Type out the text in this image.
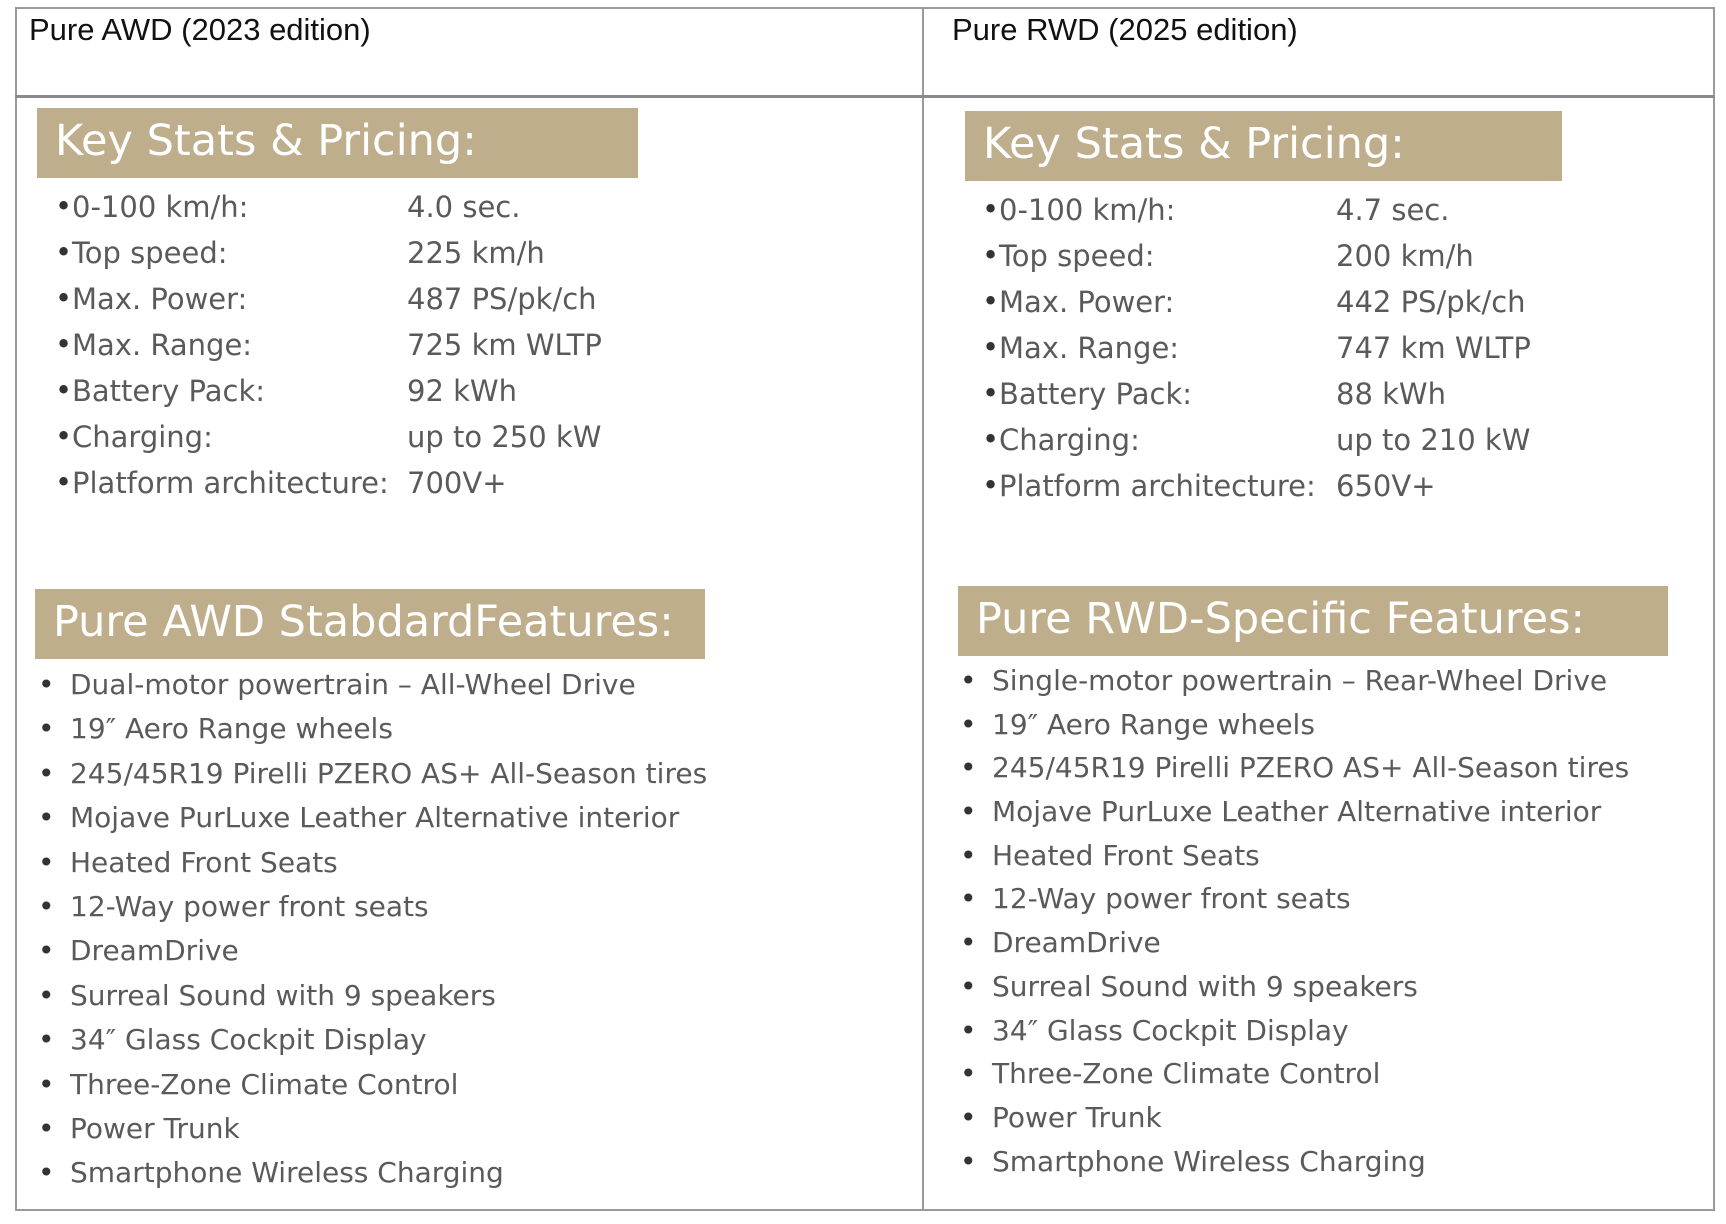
Pure AWD (2023 edition)
Key Stats & Pricing:
• 0-100 km/h:	4.0 sec.
• Top speed:	225 km/h
• Max. Power:	487 PS/pk/ch
• Max. Range:	725 km WLTP
• Battery Pack:	92 kWh
• Charging:	up to 250 kW
• Platform architecture: 700V+
Pure AWD StabdardFeatures:
• Dual-motor powertrain – All-Wheel Drive
• 19″ Aero Range wheels
• 245/45R19 Pirelli PZERO AS+ All-Season tires
• Mojave PurLuxe Leather Alternative interior
• Heated Front Seats
• 12-Way power front seats
• DreamDrive
• Surreal Sound with 9 speakers
• 34″ Glass Cockpit Display
• Three-Zone Climate Control
• Power Trunk
• Smartphone Wireless Charging
Pure RWD (2025 edition)
Key Stats & Pricing:
• 0-100 km/h:	4.7 sec.
• Top speed:	200 km/h
• Max. Power:	442 PS/pk/ch
• Max. Range:	747 km WLTP
• Battery Pack:	88 kWh
• Charging:	up to 210 kW
• Platform architecture: 650V+
Pure RWD-Specific Features:
• Single-motor powertrain – Rear-Wheel Drive
• 19″ Aero Range wheels
• 245/45R19 Pirelli PZERO AS+ All-Season tires
• Mojave PurLuxe Leather Alternative interior
• Heated Front Seats
• 12-Way power front seats
• DreamDrive
• Surreal Sound with 9 speakers
• 34″ Glass Cockpit Display
• Three-Zone Climate Control
• Power Trunk
• Smartphone Wireless Charging
